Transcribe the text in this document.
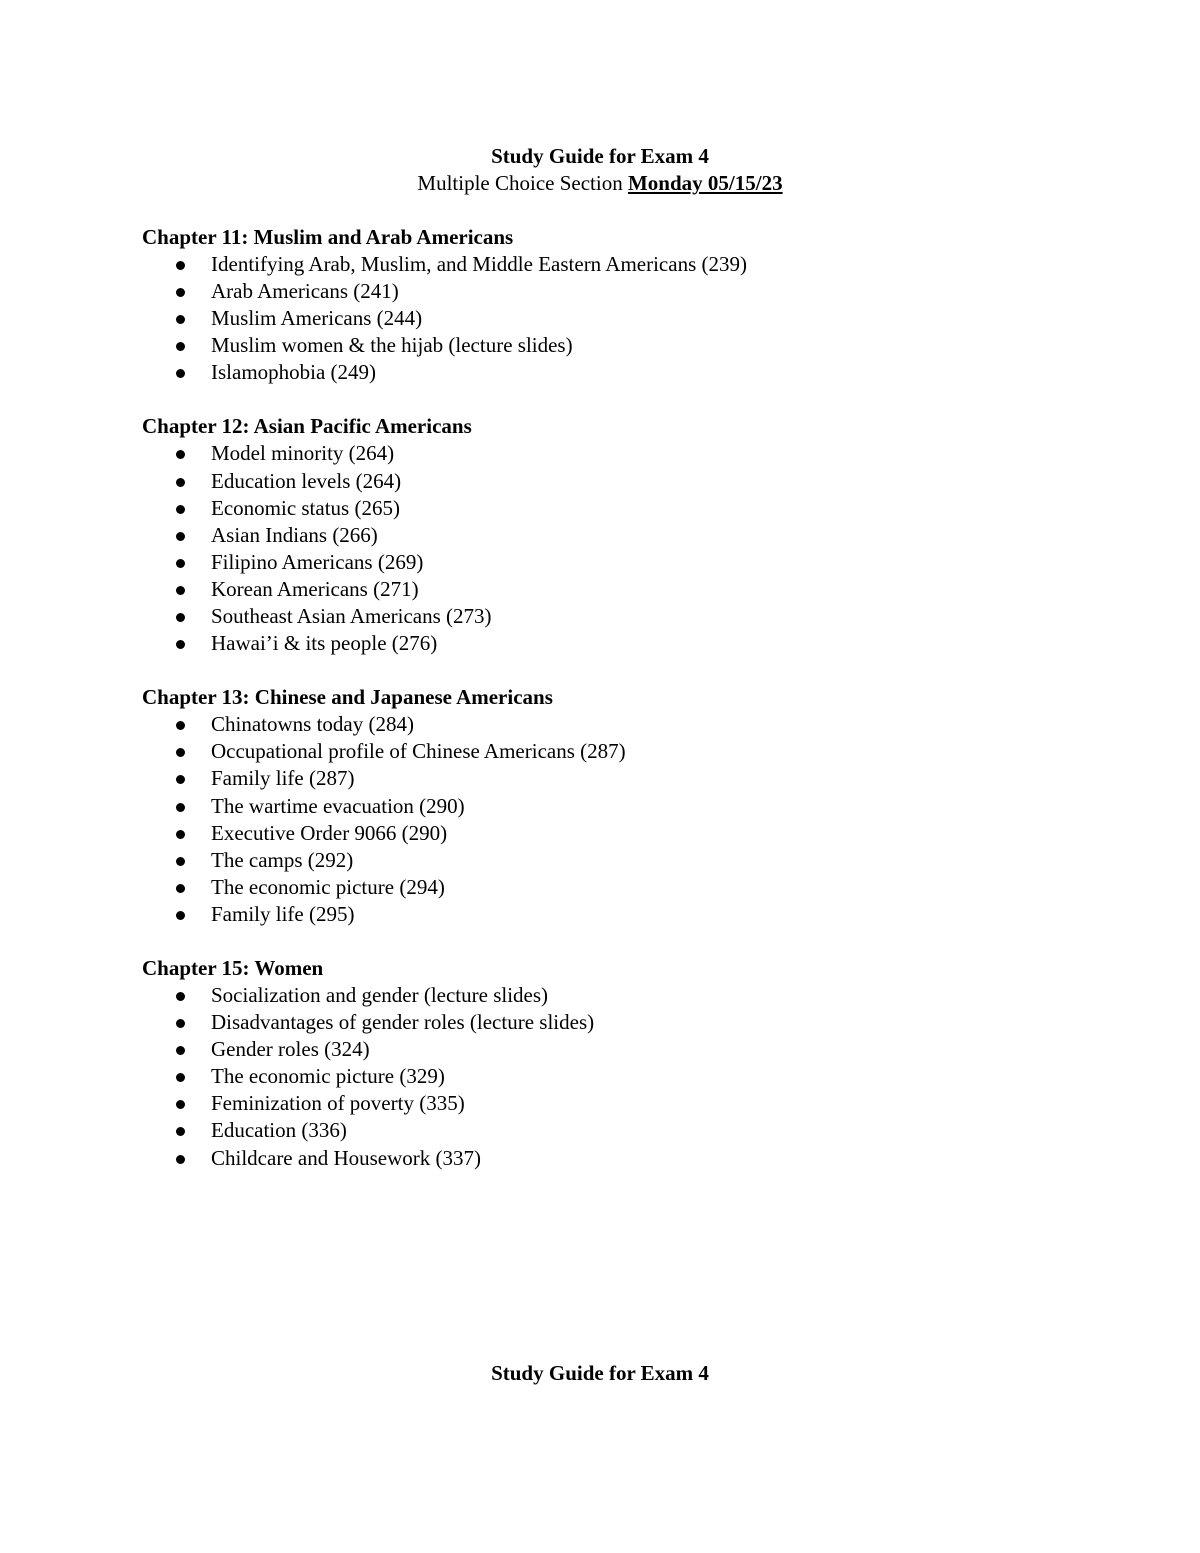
Study Guide for Exam 4
Multiple Choice Section Monday 05/15/23

Chapter 11: Muslim and Arab Americans

Identifying Arab, Muslim, and Middle Eastern Americans (239)
Arab Americans (241)
Muslim Americans (244)
Muslim women & the hijab (lecture slides)
Islamophobia (249)

Chapter 12: Asian Pacific Americans

Model minority (264)
Education levels (264)
Economic status (265)
Asian Indians (266)
Filipino Americans (269)
Korean Americans (271)
Southeast Asian Americans (273)
Hawai’i & its people (276)

Chapter 13: Chinese and Japanese Americans

Chinatowns today (284)
Occupational profile of Chinese Americans (287)
Family life (287)
The wartime evacuation (290)
Executive Order 9066 (290)
The camps (292)
The economic picture (294)
Family life (295)

Chapter 15: Women

Socialization and gender (lecture slides)
Disadvantages of gender roles (lecture slides)
Gender roles (324)
The economic picture (329)
Feminization of poverty (335)
Education (336)
Childcare and Housework (337)
Study Guide for Exam 4
